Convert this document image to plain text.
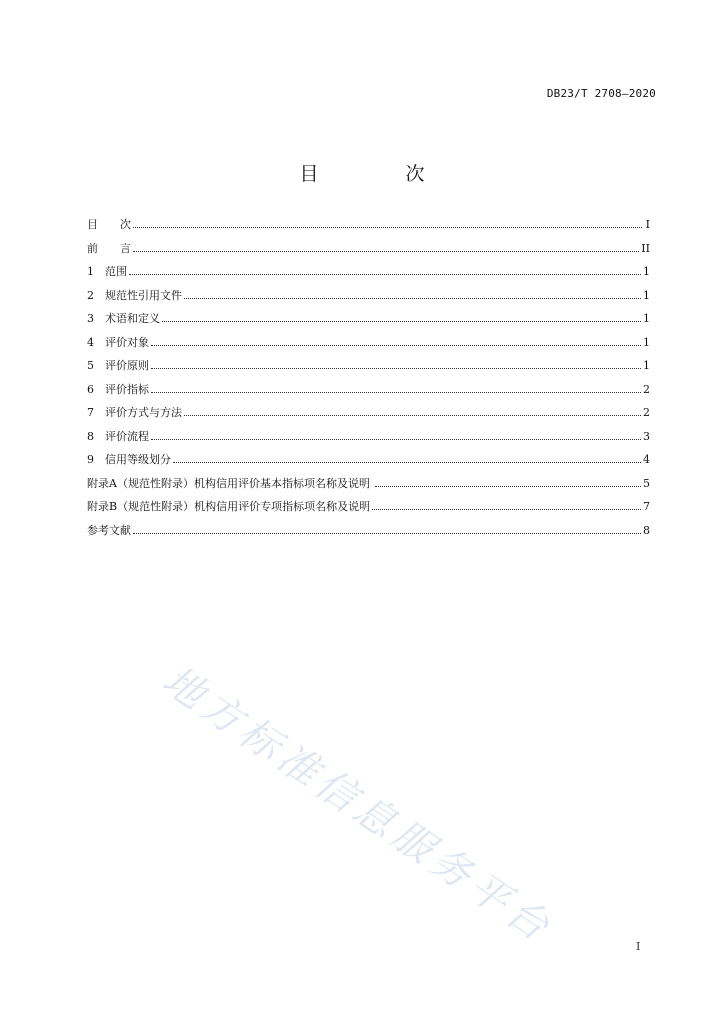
DB23/T 2708—2020
目　次
目　　次	I
前　　言	II
1　范围	1
2　规范性引用文件	1
3　术语和定义	1
4　评价对象	1
5　评价原则	1
6　评价指标	2
7　评价方式与方法	2
8　评价流程	3
9　信用等级划分	4
附录A（规范性附录）机构信用评价基本指标项名称及说明	5
附录B（规范性附录）机构信用评价专项指标项名称及说明	7
参考文献	8
地方标准信息服务平台	I
